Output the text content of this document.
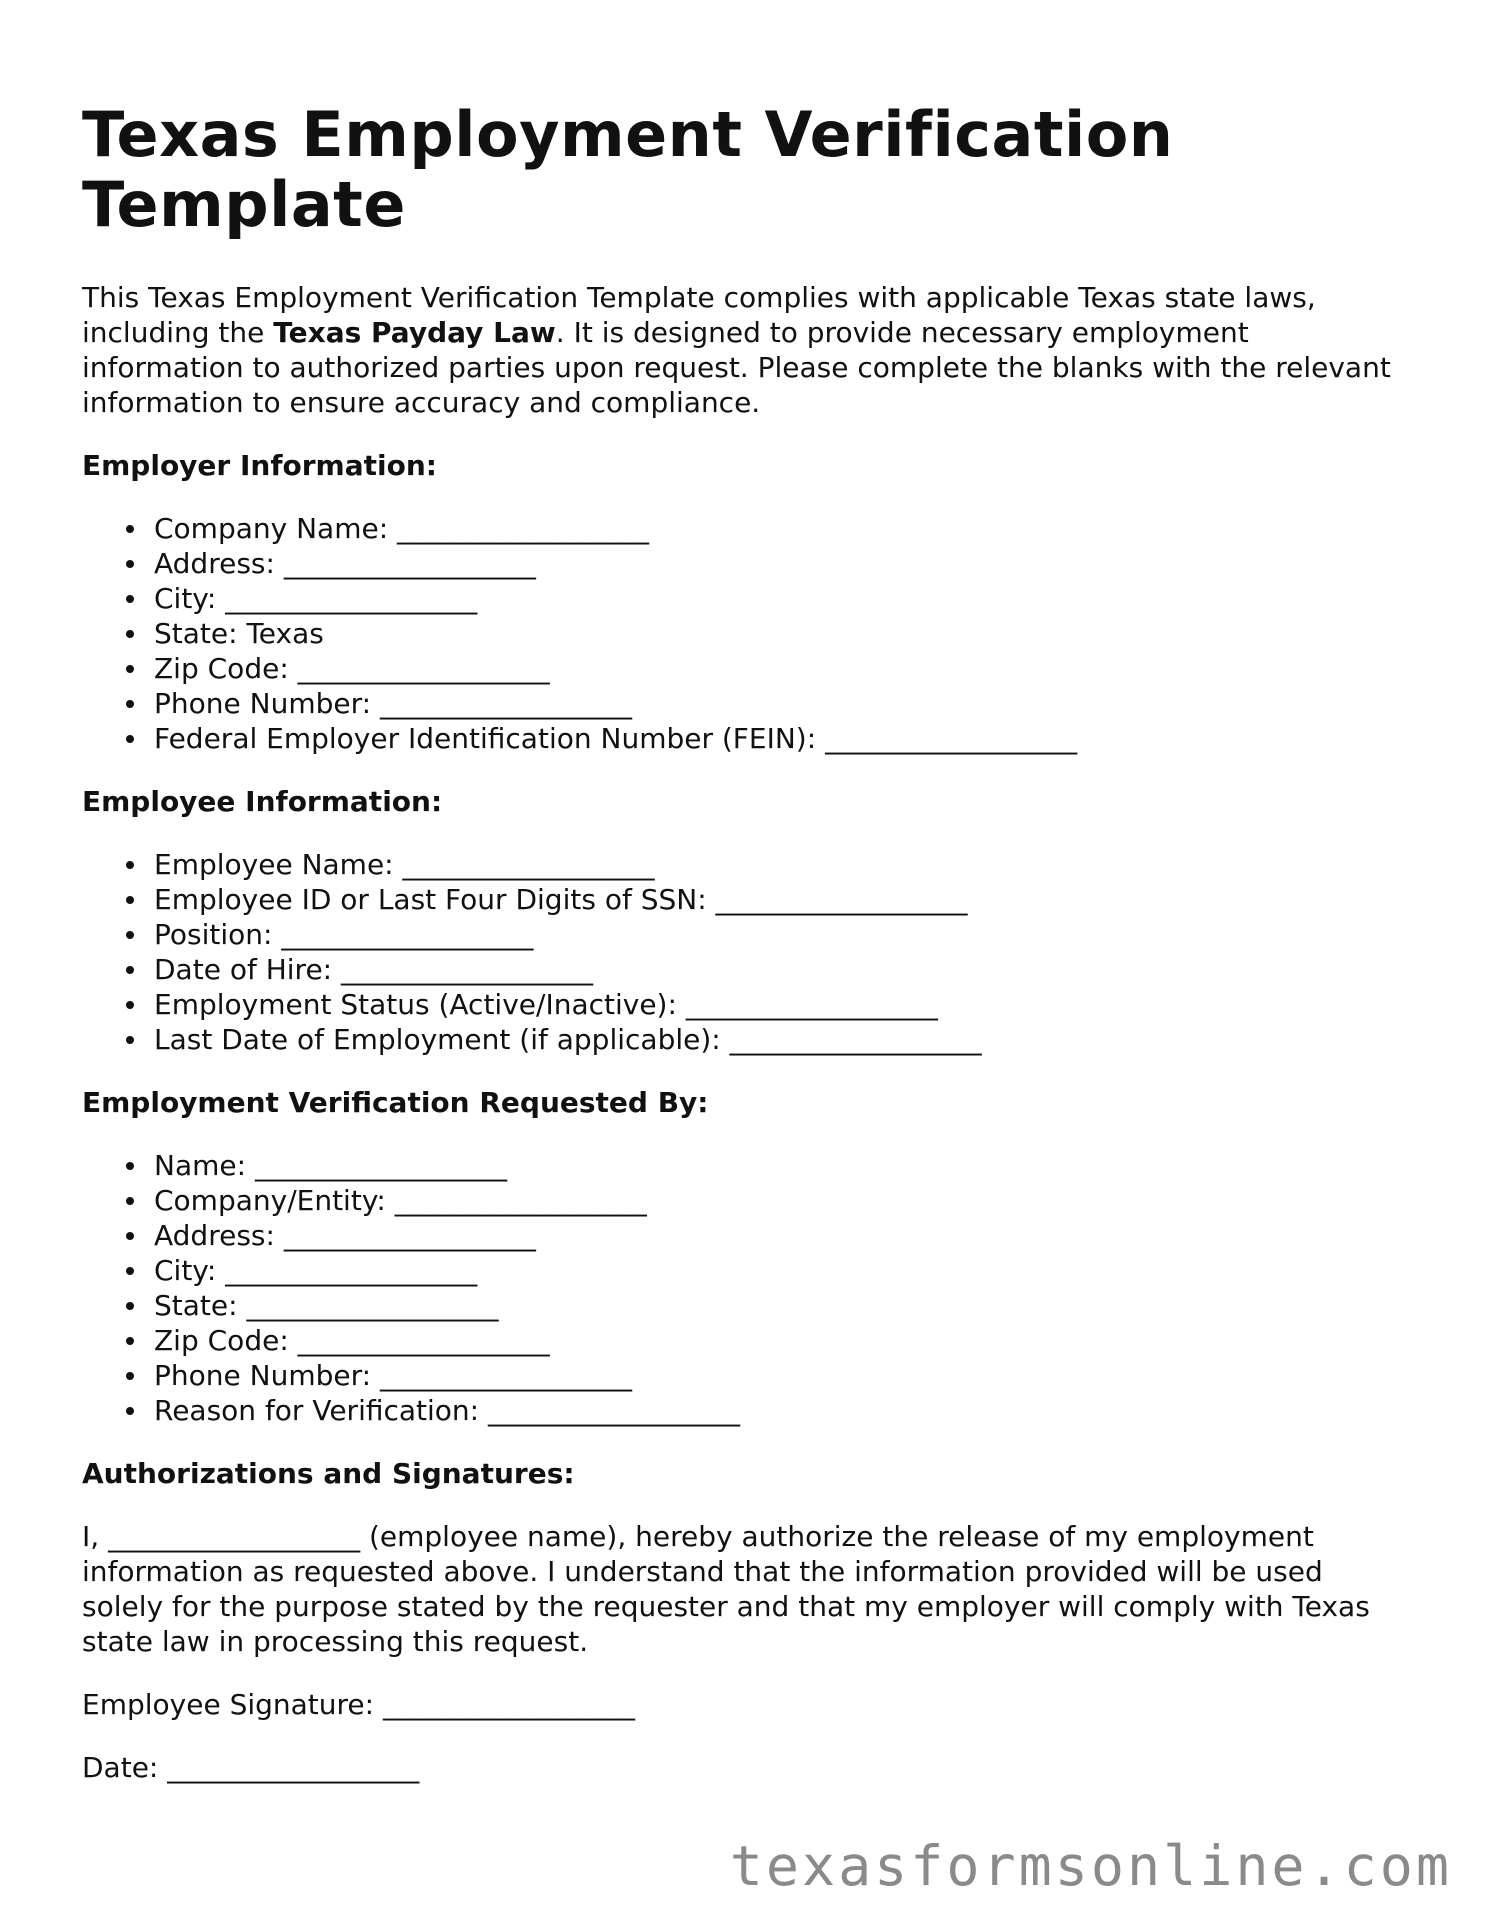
Texas Employment Verification Template

This Texas Employment Verification Template complies with applicable Texas state laws, including the Texas Payday Law. It is designed to provide necessary employment information to authorized parties upon request. Please complete the blanks with the relevant information to ensure accuracy and compliance.

Employer Information:
Company Name: __________________
Address: __________________
City: __________________
State: Texas
Zip Code: __________________
Phone Number: __________________
Federal Employer Identification Number (FEIN): __________________
Employee Information:
Employee Name: __________________
Employee ID or Last Four Digits of SSN: __________________
Position: __________________
Date of Hire: __________________
Employment Status (Active/Inactive): __________________
Last Date of Employment (if applicable): __________________
Employment Verification Requested By:
Name: __________________
Company/Entity: __________________
Address: __________________
City: __________________
State: __________________
Zip Code: __________________
Phone Number: __________________
Reason for Verification: __________________
Authorizations and Signatures:

I, __________________ (employee name), hereby authorize the release of my employment information as requested above. I understand that the information provided will be used solely for the purpose stated by the requester and that my employer will comply with Texas state law in processing this request.

Employee Signature: __________________

Date: __________________

texasformsonline.com
